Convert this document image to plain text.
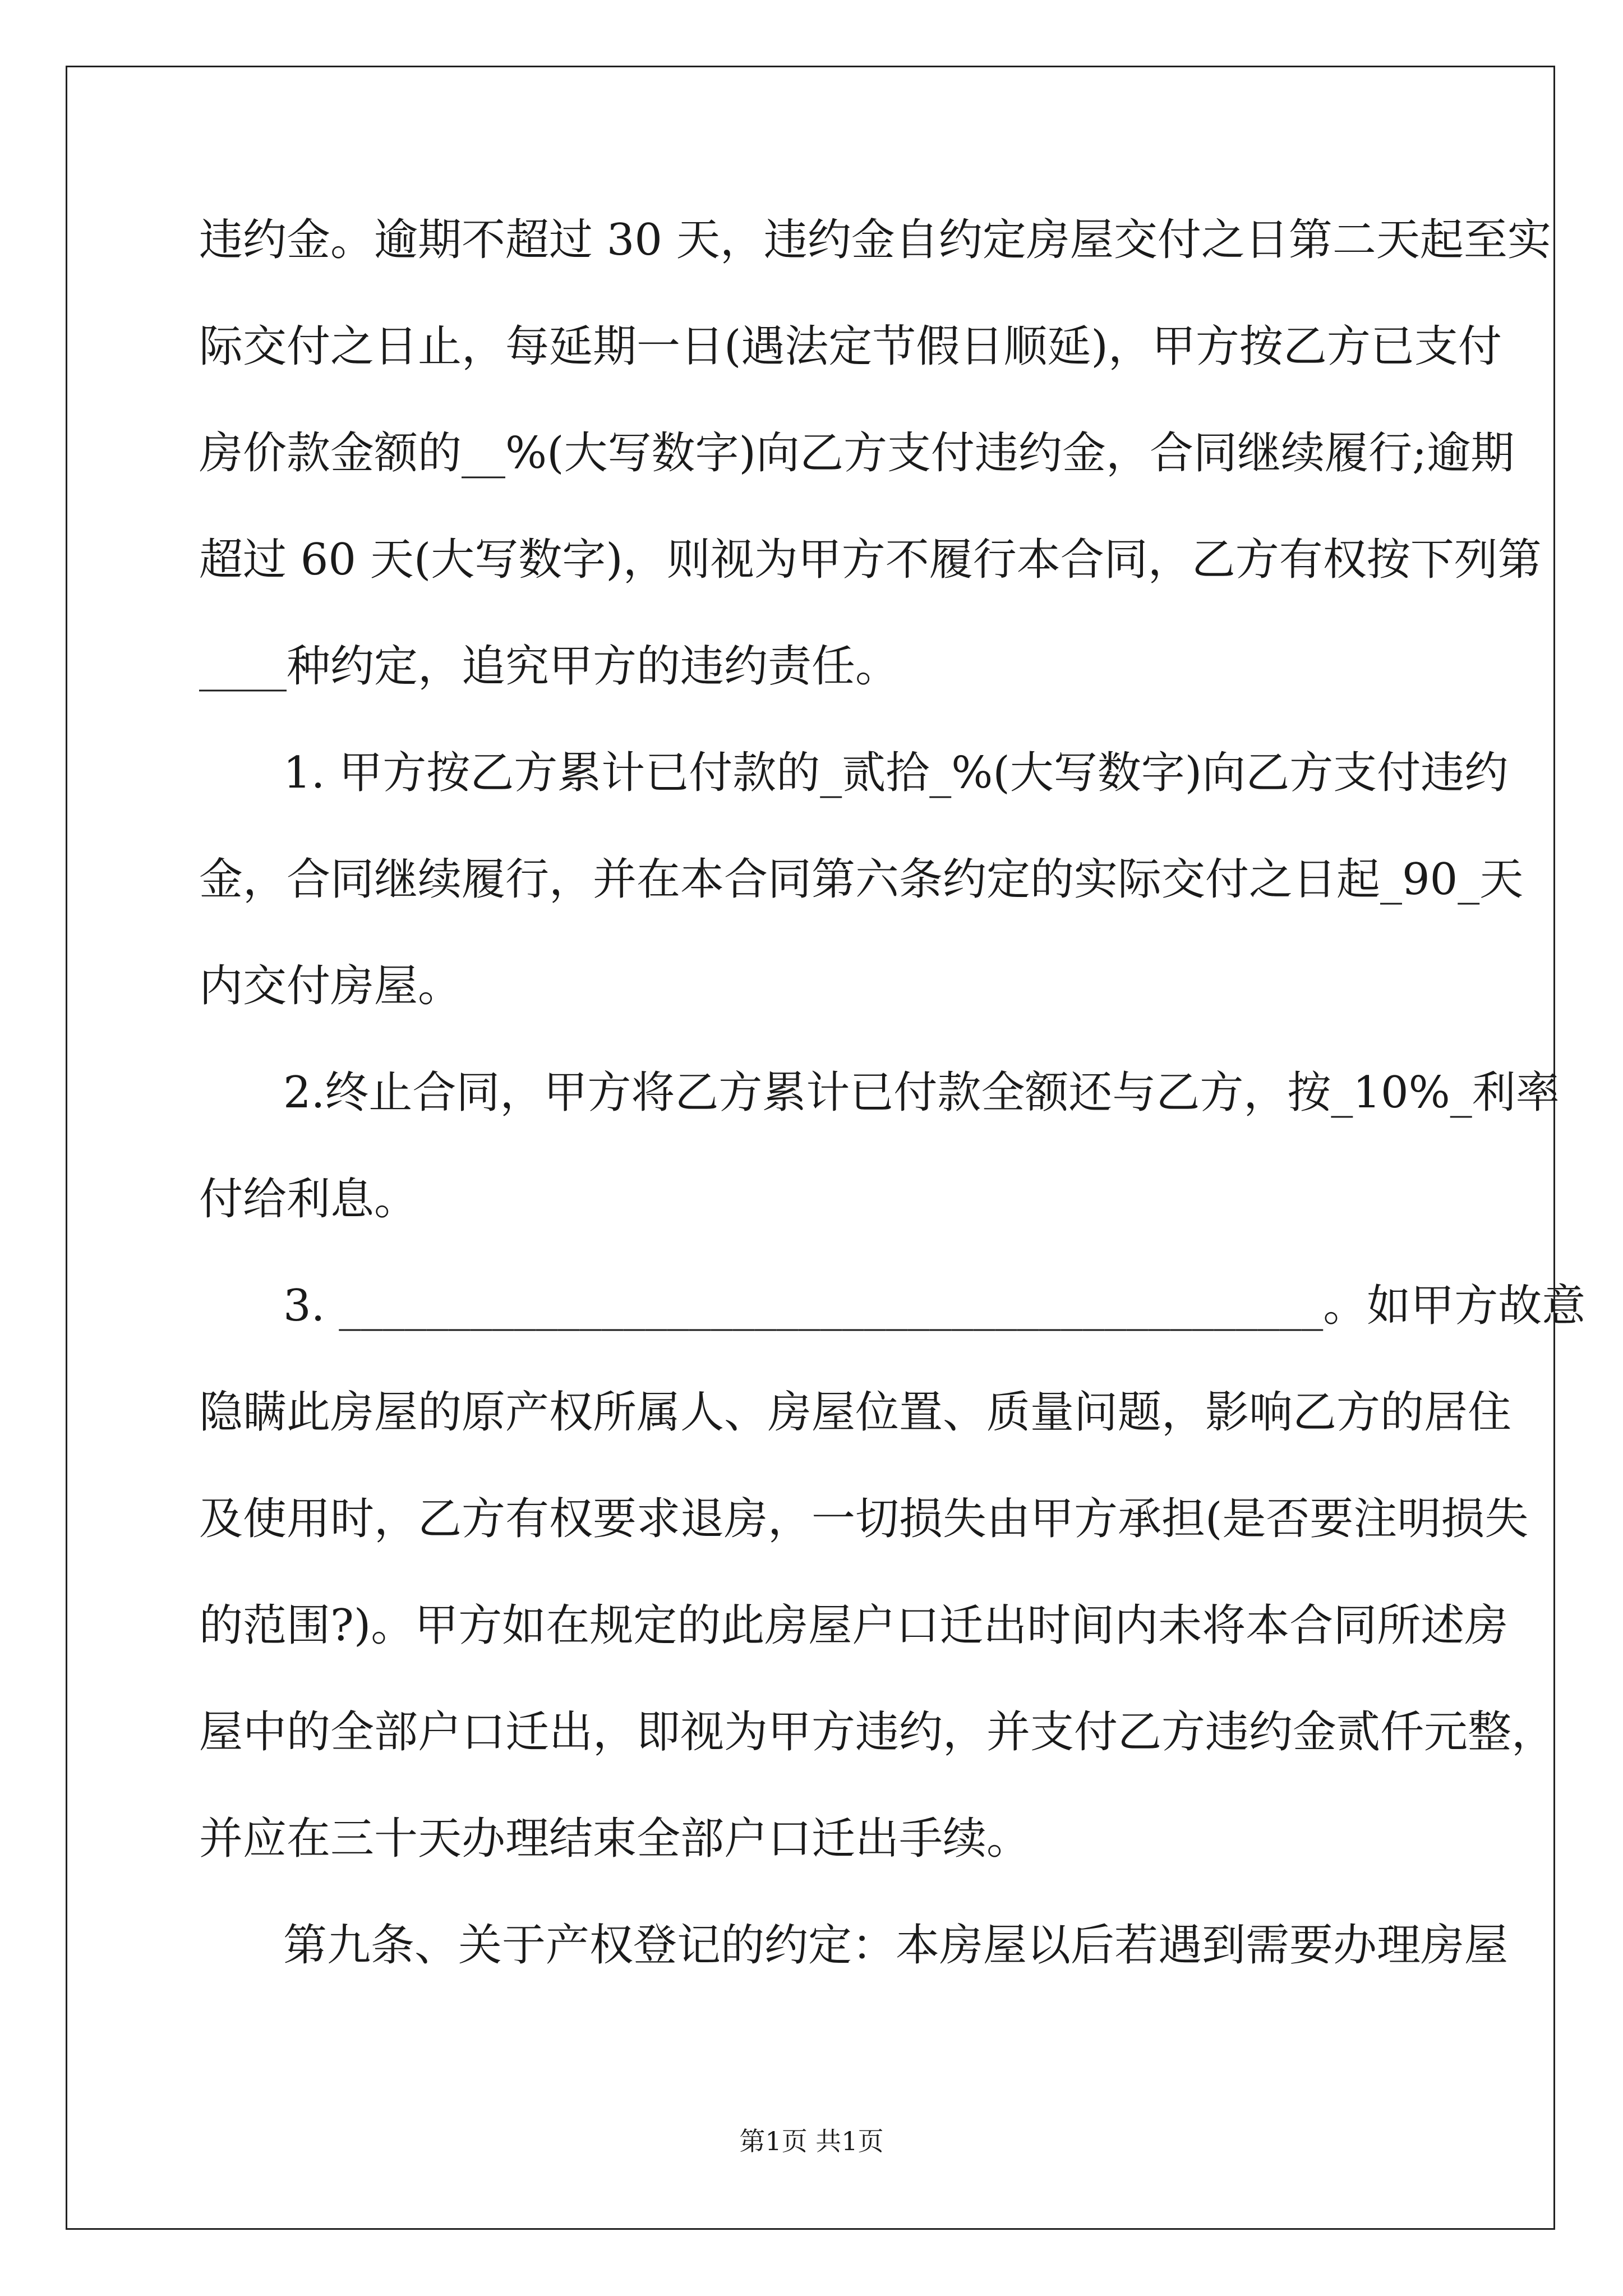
违约金。逾期不超过 30 天，违约金自约定房屋交付之日第二天起至实

际交付之日止，每延期一日(遇法定节假日顺延)，甲方按乙方已支付

房价款金额的__%(大写数字)向乙方支付违约金，合同继续履行;逾期

超过 60 天(大写数字)，则视为甲方不履行本合同，乙方有权按下列第

____种约定，追究甲方的违约责任。

1. 甲方按乙方累计已付款的_贰拾_%(大写数字)向乙方支付违约

金，合同继续履行，并在本合同第六条约定的实际交付之日起_90_天

内交付房屋。

2.终止合同，甲方将乙方累计已付款全额还与乙方，按_10%_利率

付给利息。

3. _____________________________________________。如甲方故意

隐瞒此房屋的原产权所属人、房屋位置、质量问题，影响乙方的居住

及使用时，乙方有权要求退房，一切损失由甲方承担(是否要注明损失

的范围?)。甲方如在规定的此房屋户口迁出时间内未将本合同所述房

屋中的全部户口迁出，即视为甲方违约，并支付乙方违约金贰仟元整，

并应在三十天办理结束全部户口迁出手续。

第九条、关于产权登记的约定：本房屋以后若遇到需要办理房屋

第1页 共1页
